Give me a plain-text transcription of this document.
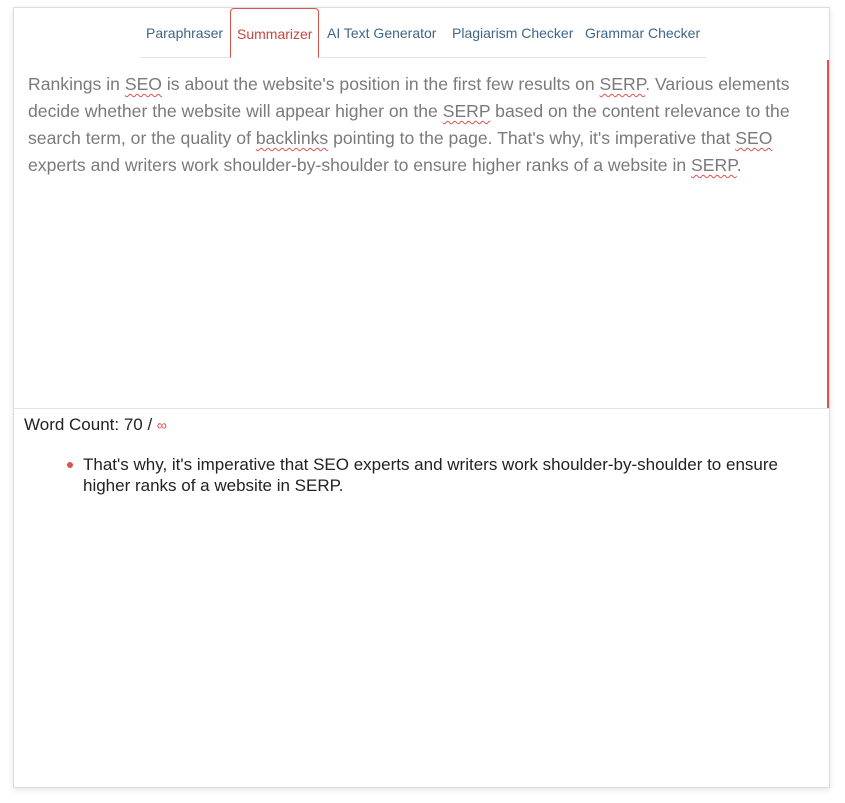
Paraphraser Summarizer	AI Text Generator	Plagiarism Checker Grammar Checker
Rankings in SEO is about the website's position in the first few results on SERP. Various elements decide whether the website will appear higher on the SERP based on the content relevance to the search term, or the quality of backlinks pointing to the page. That's why, it's imperative that SEO experts and writers work shoulder-by-shoulder to ensure higher ranks of a website in SERP.
Word Count: 70 / ∞
That's why, it's imperative that SEO experts and writers work shoulder-by-shoulder to ensure higher ranks of a website in SERP.
